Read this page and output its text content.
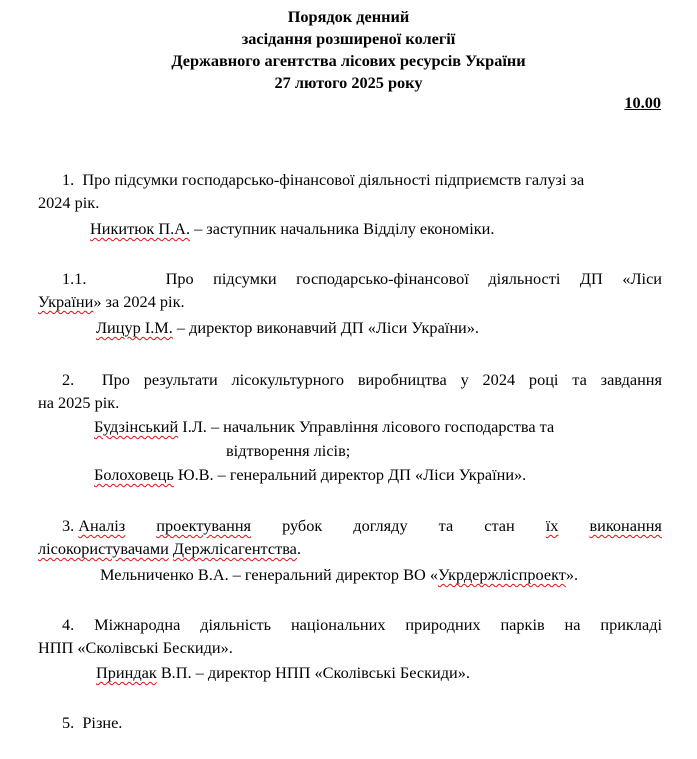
Порядок денний
засідання розширеної колегії
Державного агентства лісових ресурсів України
27 лютого 2025 року
10.00
1. Про підсумки господарсько-фінансової діяльності підприємств галузі за
2024 рік.
Никитюк П.А. – заступник начальника Відділу економіки.
1.1.	Про підсумки господарсько-фінансової діяльності ДП «Ліси
України» за 2024 рік.
Лицур І.М. – директор виконавчий ДП «Ліси України».
2. Про результати лісокультурного виробництва у 2024 році та завдання
на 2025 рік.
Будзінський І.Л. – начальник Управління лісового господарства та
відтворення лісів;
Болоховець Ю.В. – генеральний директор ДП «Ліси України».
3. Аналіз проектування рубок догляду та стан їх виконання
лісокористувачами Держлісагентства.
Мельниченко В.А. – генеральний директор ВО «Укрдержліспроект».
4. Міжнародна діяльність національних природних парків на прикладі
НПП «Сколівські Бескиди».
Приндак В.П. – директор НПП «Сколівські Бескиди».
5. Різне.
